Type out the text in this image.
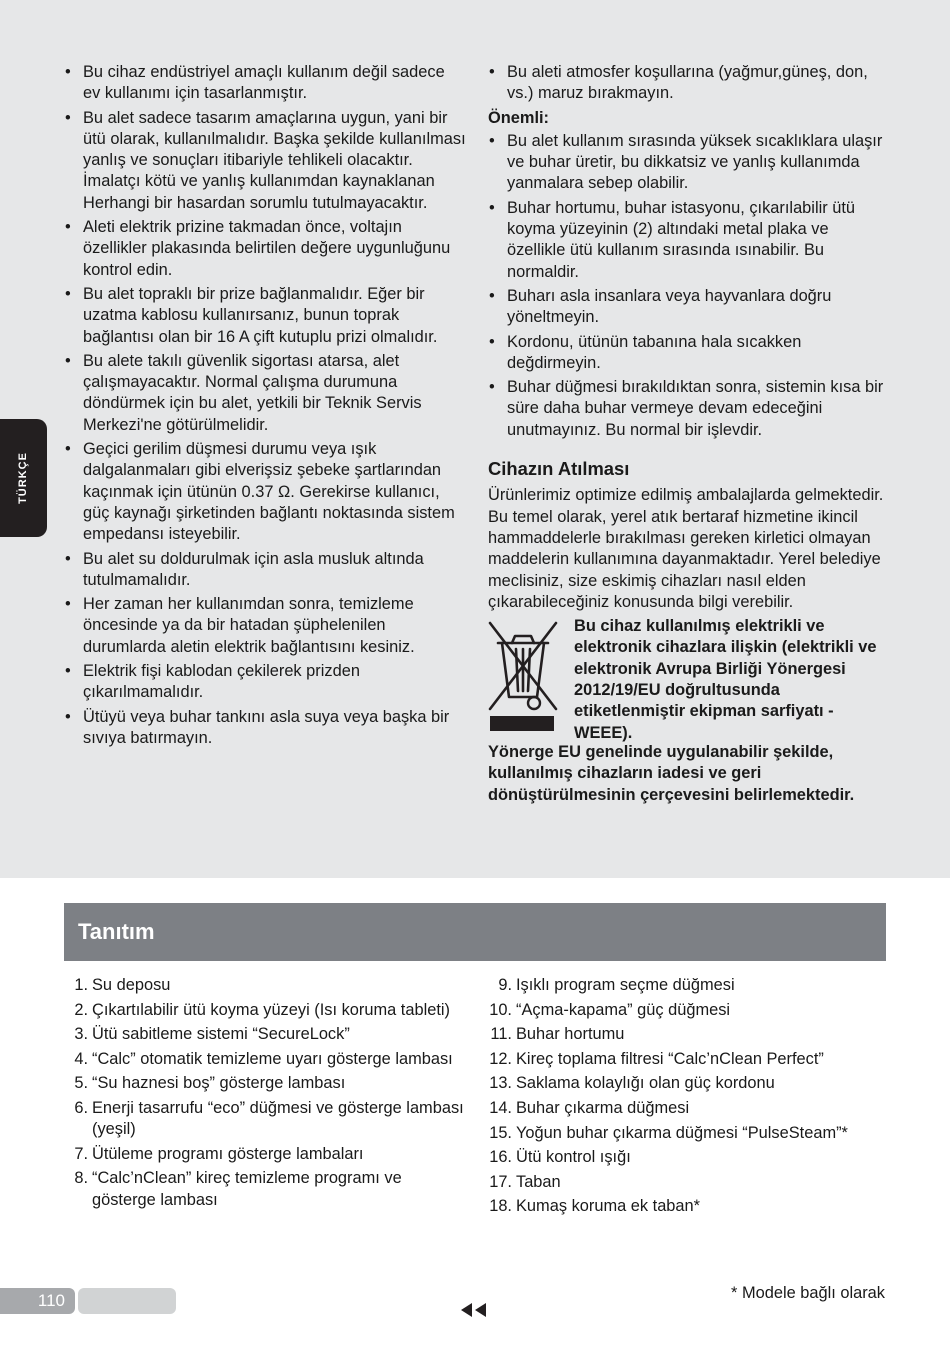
TÜRKÇE
• Bu cihaz endüstriyel amaçlı kullanım değil sadece ev kullanımı için tasarlanmıştır.
• Bu alet sadece tasarım amaçlarına uygun, yani bir ütü olarak, kullanılmalıdır. Başka şekilde kullanılması yanlış ve sonuçları itibariyle tehlikeli olacaktır. İmalatçı kötü ve yanlış kullanımdan kaynaklanan Herhangi bir hasardan sorumlu tutulmayacaktır.
• Aleti elektrik prizine takmadan önce, voltajın özellikler plakasında belirtilen değere uygunluğunu kontrol edin.
• Bu alet topraklı bir prize bağlanmalıdır. Eğer bir uzatma kablosu kullanırsanız, bunun toprak bağlantısı olan bir 16 A çift kutuplu prizi olmalıdır.
• Bu alete takılı güvenlik sigortası atarsa, alet çalışmayacaktır. Normal çalışma durumuna döndürmek için bu alet, yetkili bir Teknik Servis Merkezi'ne götürülmelidir.
• Geçici gerilim düşmesi durumu veya ışık dalgalanmaları gibi elverişsiz şebeke şartlarından kaçınmak için ütünün 0.37 Ω. Gerekirse kullanıcı, güç kaynağı şirketinden bağlantı noktasında sistem empedansı isteyebilir.
• Bu alet su doldurulmak için asla musluk altında tutulmamalıdır.
• Her zaman her kullanımdan sonra, temizleme öncesinde ya da bir hatadan şüphelenilen durumlarda aletin elektrik bağlantısını kesiniz.
• Elektrik fişi kablodan çekilerek prizden çıkarılmamalıdır.
• Ütüyü veya buhar tankını asla suya veya başka bir sıvıya batırmayın.
• Bu aleti atmosfer koşullarına (yağmur,güneş, don, vs.) maruz bırakmayın.
Önemli:
• Bu alet kullanım sırasında yüksek sıcaklıklara ulaşır ve buhar üretir, bu dikkatsiz ve yanlış kullanımda yanmalara sebep olabilir.
• Buhar hortumu, buhar istasyonu, çıkarılabilir ütü koyma yüzeyinin (2) altındaki metal plaka ve özellikle ütü kullanım sırasında ısınabilir. Bu normaldir.
• Buharı asla insanlara veya hayvanlara doğru yöneltmeyin.
• Kordonu, ütünün tabanına hala sıcakken değdirmeyin.
• Buhar düğmesi bırakıldıktan sonra, sistemin kısa bir süre daha buhar vermeye devam edeceğini unutmayınız. Bu normal bir işlevdir.
Cihazın Atılması
Ürünlerimiz optimize edilmiş ambalajlarda gelmektedir. Bu temel olarak, yerel atık bertaraf hizmetine ikincil hammaddelerle bırakılması gereken kirletici olmayan maddelerin kullanımına dayanmaktadır. Yerel belediye meclisiniz, size eskimiş cihazları nasıl elden çıkarabileceğiniz konusunda bilgi verebilir.
Bu cihaz kullanılmış elektrikli ve elektronik cihazlara ilişkin (elektrikli ve elektronik Avrupa Birliği Yönergesi 2012/19/EU doğrultusunda etiketlenmiştir ekipman sarfiyatı - WEEE).
Yönerge EU genelinde uygulanabilir şekilde, kullanılmış cihazların iadesi ve geri dönüştürülmesinin çerçevesini belirlemektedir.
Tanıtım
1. Su deposu
2. Çıkartılabilir ütü koyma yüzeyi (Isı koruma tableti)
3. Ütü sabitleme sistemi “SecureLock”
4. “Calc” otomatik temizleme uyarı gösterge lambası
5. “Su haznesi boş” gösterge lambası
6. Enerji tasarrufu “eco” düğmesi ve gösterge lambası (yeşil)
7. Ütüleme programı gösterge lambaları
8. “Calc’nClean” kireç temizleme programı ve gösterge lambası
9. Işıklı program seçme düğmesi
10. “Açma-kapama” güç düğmesi
11. Buhar hortumu
12. Kireç toplama filtresi “Calc’nClean Perfect”
13. Saklama kolaylığı olan güç kordonu
14. Buhar çıkarma düğmesi
15. Yoğun buhar çıkarma düğmesi “PulseSteam”*
16. Ütü kontrol ışığı
17. Taban
18. Kumaş koruma ek taban*
* Modele bağlı olarak
110
